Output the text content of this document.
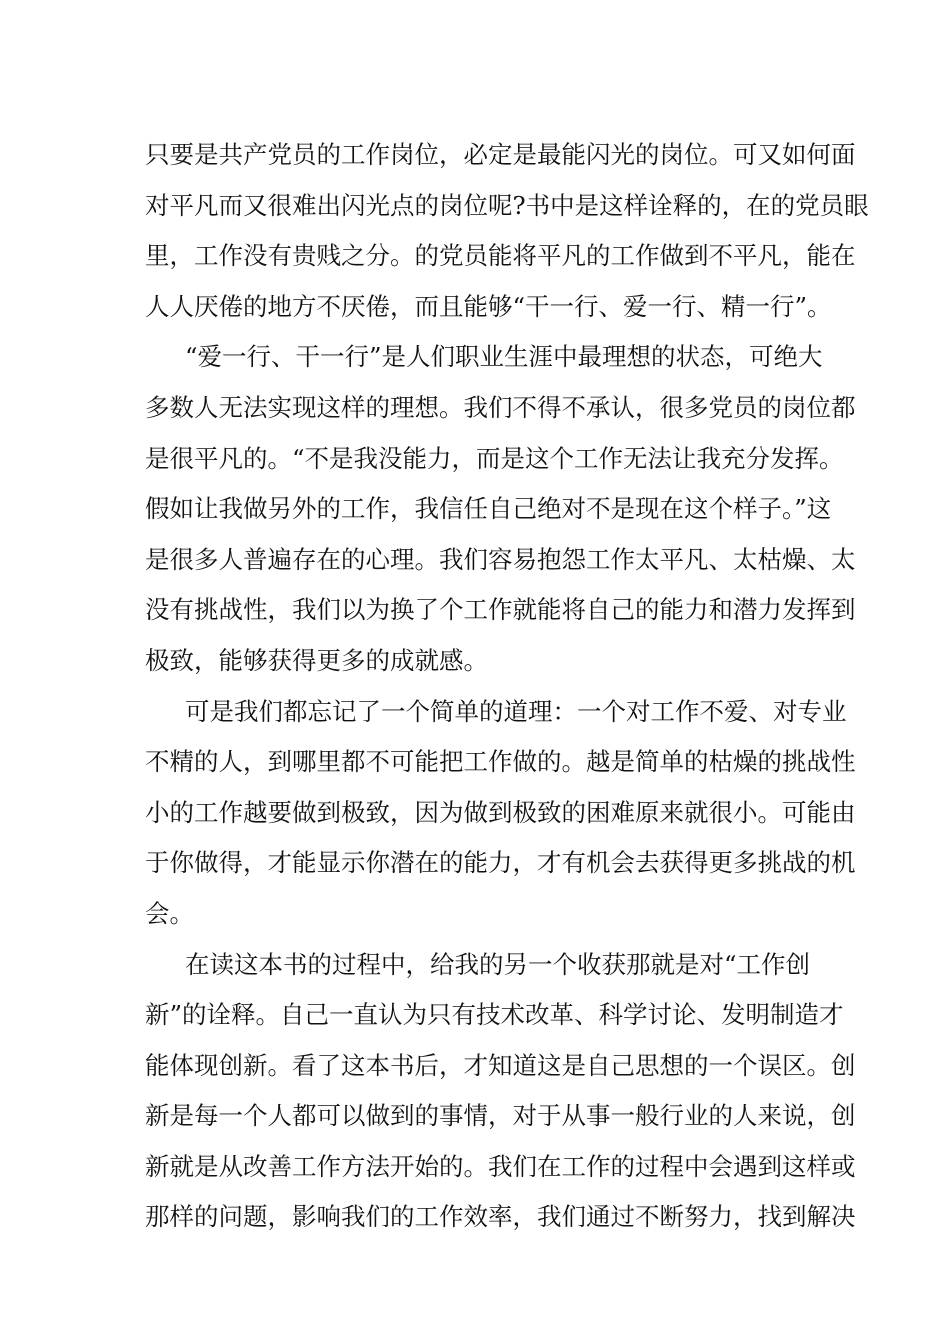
只要是共产党员的工作岗位，必定是最能闪光的岗位。可又如何面
对平凡而又很难出闪光点的岗位呢?书中是这样诠释的，在的党员眼
里，工作没有贵贱之分。的党员能将平凡的工作做到不平凡，能在
人人厌倦的地方不厌倦，而且能够“干一行、爱一行、精一行”。
“爱一行、干一行”是人们职业生涯中最理想的状态，可绝大
多数人无法实现这样的理想。我们不得不承认，很多党员的岗位都
是很平凡的。“不是我没能力，而是这个工作无法让我充分发挥。
假如让我做另外的工作，我信任自己绝对不是现在这个样子。”这
是很多人普遍存在的心理。我们容易抱怨工作太平凡、太枯燥、太
没有挑战性，我们以为换了个工作就能将自己的能力和潜力发挥到
极致，能够获得更多的成就感。
可是我们都忘记了一个简单的道理：一个对工作不爱、对专业
不精的人，到哪里都不可能把工作做的。越是简单的枯燥的挑战性
小的工作越要做到极致，因为做到极致的困难原来就很小。可能由
于你做得，才能显示你潜在的能力，才有机会去获得更多挑战的机
会。
在读这本书的过程中，给我的另一个收获那就是对“工作创
新”的诠释。自己一直认为只有技术改革、科学讨论、发明制造才
能体现创新。看了这本书后，才知道这是自己思想的一个误区。创
新是每一个人都可以做到的事情，对于从事一般行业的人来说，创
新就是从改善工作方法开始的。我们在工作的过程中会遇到这样或
那样的问题，影响我们的工作效率，我们通过不断努力，找到解决
